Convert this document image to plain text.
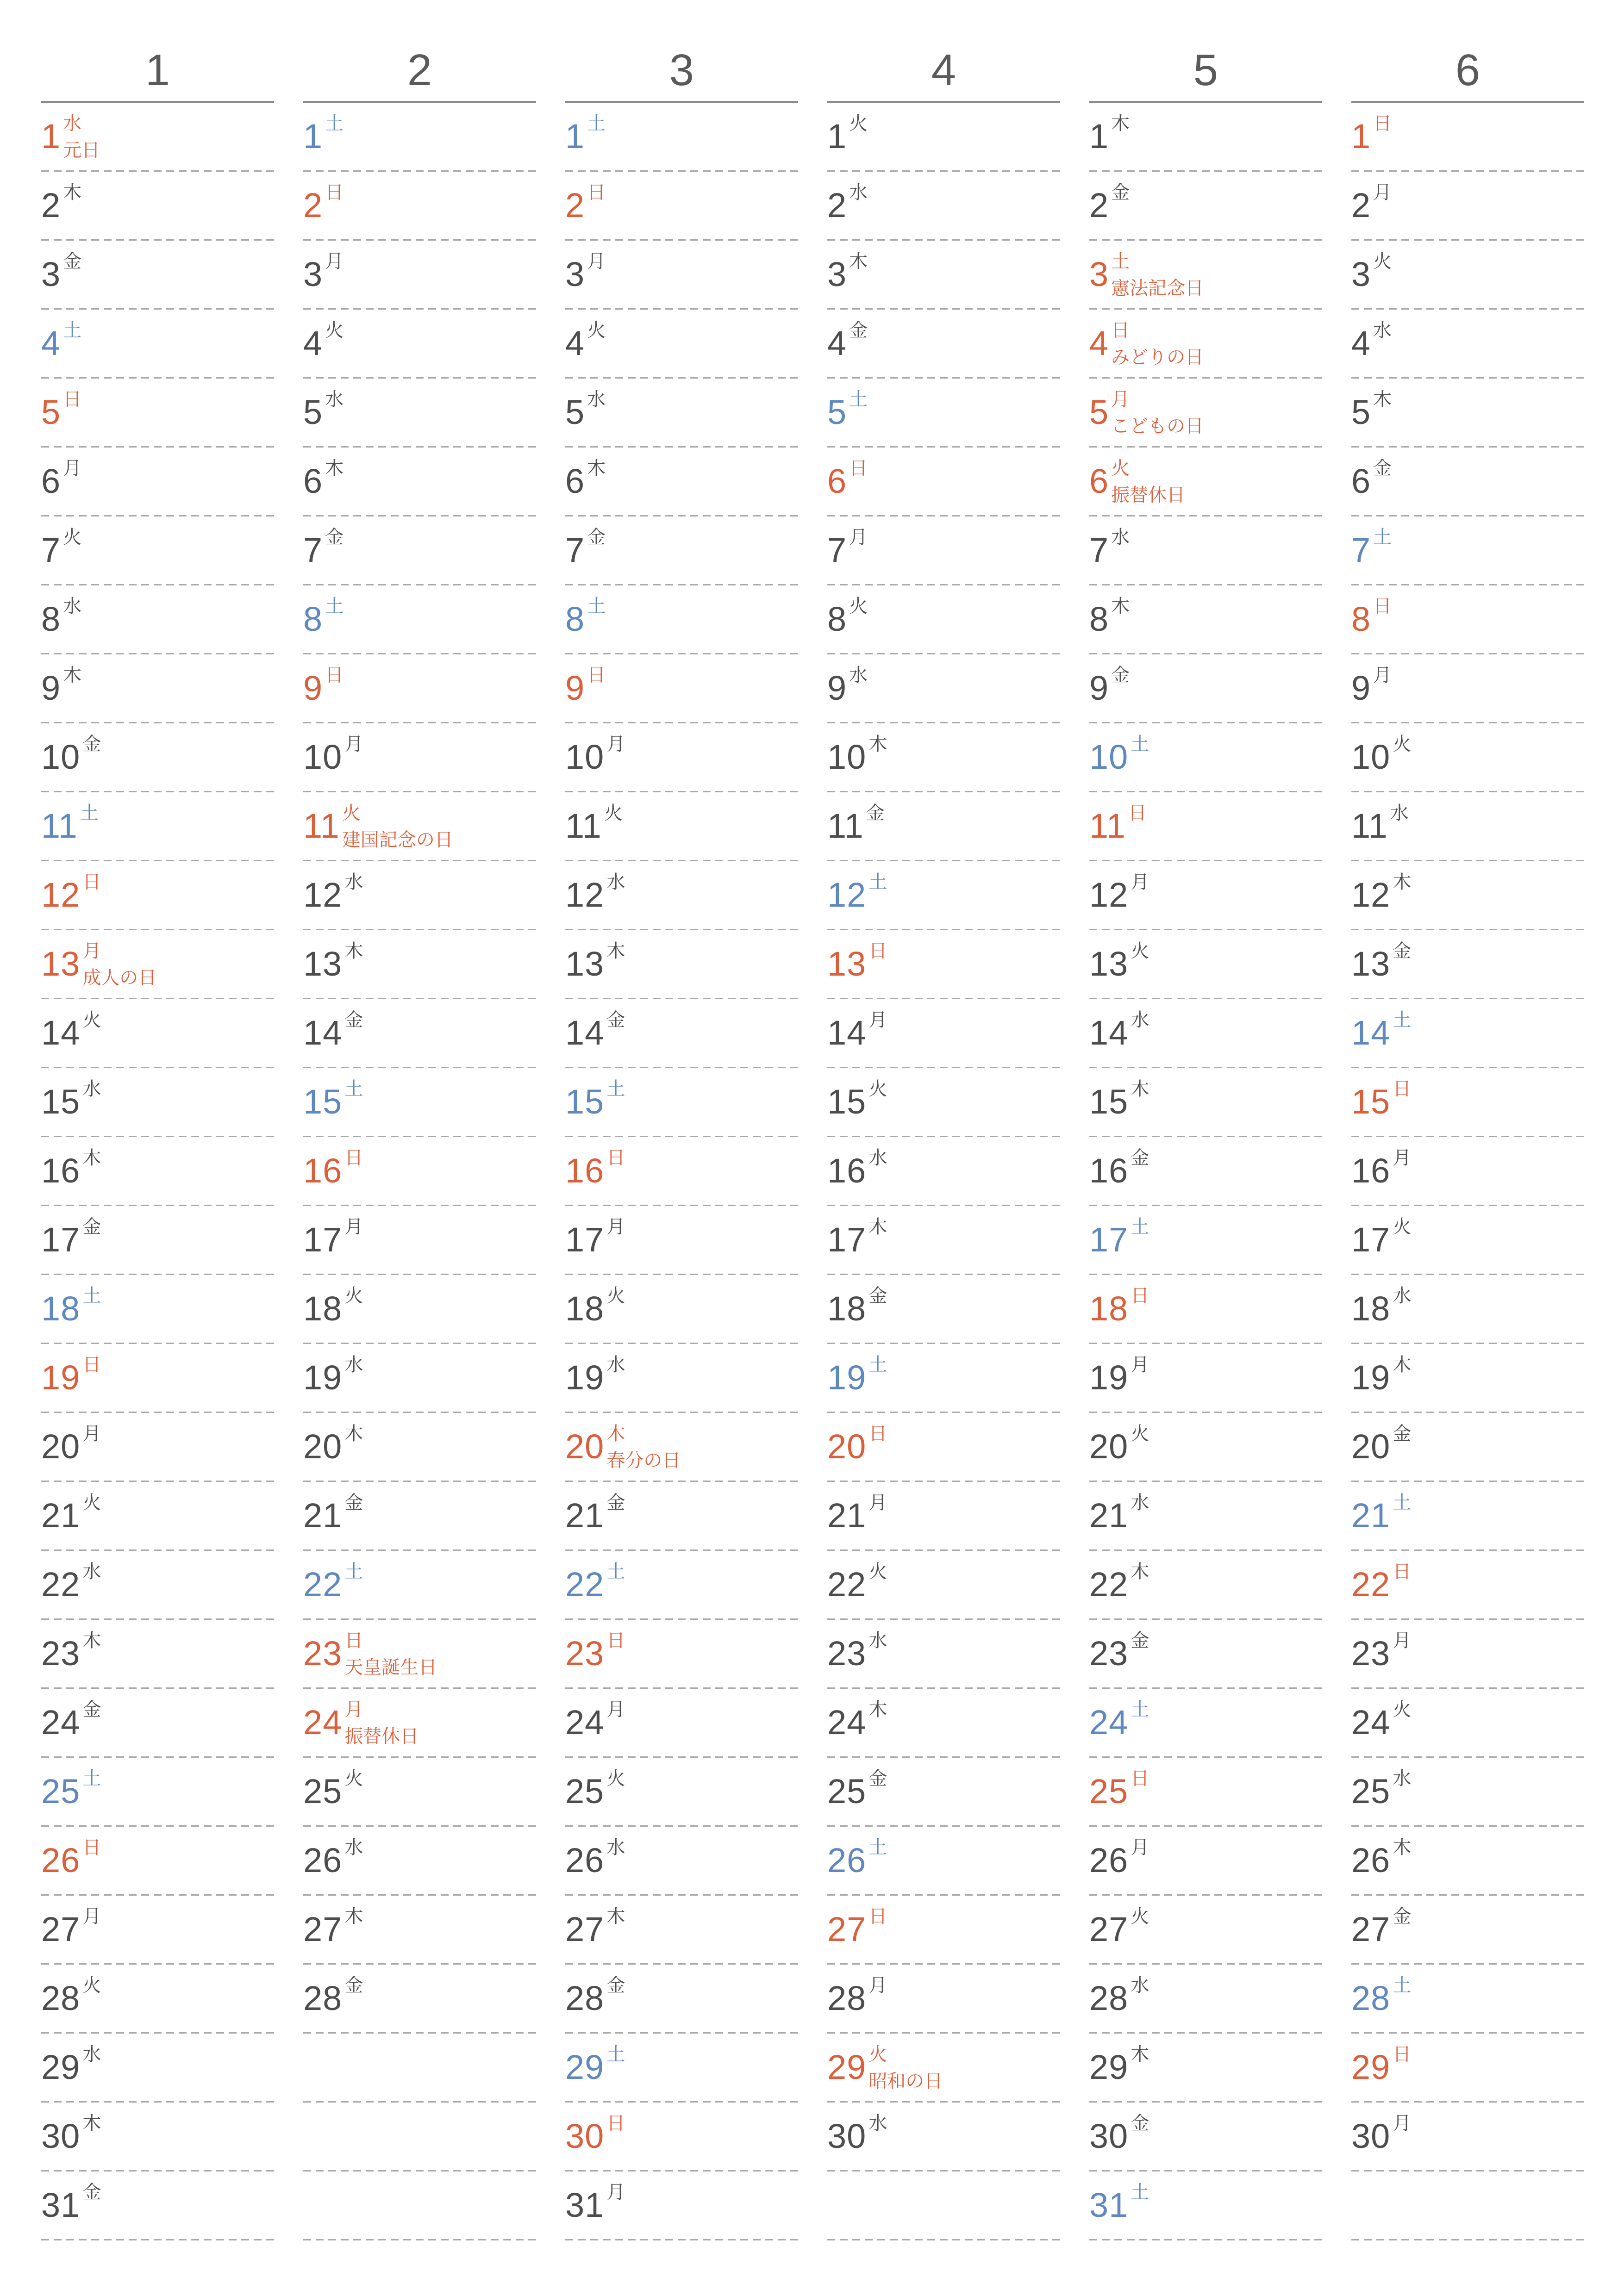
1
1 水
元日
2 木
3 金
4 土
5 日
6 月
7 火
8 水
9 木
10 金
11 土
12 日
13 月
成人の日
14 火
15 水
16 木
17 金
18 土
19 日
20 月
21 火
22 水
23 木
24 金
25 土
26 日
27 月
28 火
29 水
30 木
31 金
2
1 土
2 日
3 月
4 火
5 水
6 木
7 金
8 土
9 日
10 月
11 火
建国記念の日
12 水
13 木
14 金
15 土
16 日
17 月
18 火
19 水
20 木
21 金
22 土
23 日
天皇誕生日
24 月
振替休日
25 火
26 水
27 木
28 金
3
1 土
2 日
3 月
4 火
5 水
6 木
7 金
8 土
9 日
10 月
11 火
12 水
13 木
14 金
15 土
16 日
17 月
18 火
19 水
20 木
春分の日
21 金
22 土
23 日
24 月
25 火
26 水
27 木
28 金
29 土
30 日
31 月
4
1 火
2 水
3 木
4 金
5 土
6 日
7 月
8 火
9 水
10 木
11 金
12 土
13 日
14 月
15 火
16 水
17 木
18 金
19 土
20 日
21 月
22 火
23 水
24 木
25 金
26 土
27 日
28 月
29 火
昭和の日
30 水
5
1 木
2 金
3 土
憲法記念日
4 日
みどりの日
5 月
こどもの日
6 火
振替休日
7 水
8 木
9 金
10 土
11 日
12 月
13 火
14 水
15 木
16 金
17 土
18 日
19 月
20 火
21 水
22 木
23 金
24 土
25 日
26 月
27 火
28 水
29 木
30 金
31 土
6
1 日
2 月
3 火
4 水
5 木
6 金
7 土
8 日
9 月
10 火
11 水
12 木
13 金
14 土
15 日
16 月
17 火
18 水
19 木
20 金
21 土
22 日
23 月
24 火
25 水
26 木
27 金
28 土
29 日
30 月
